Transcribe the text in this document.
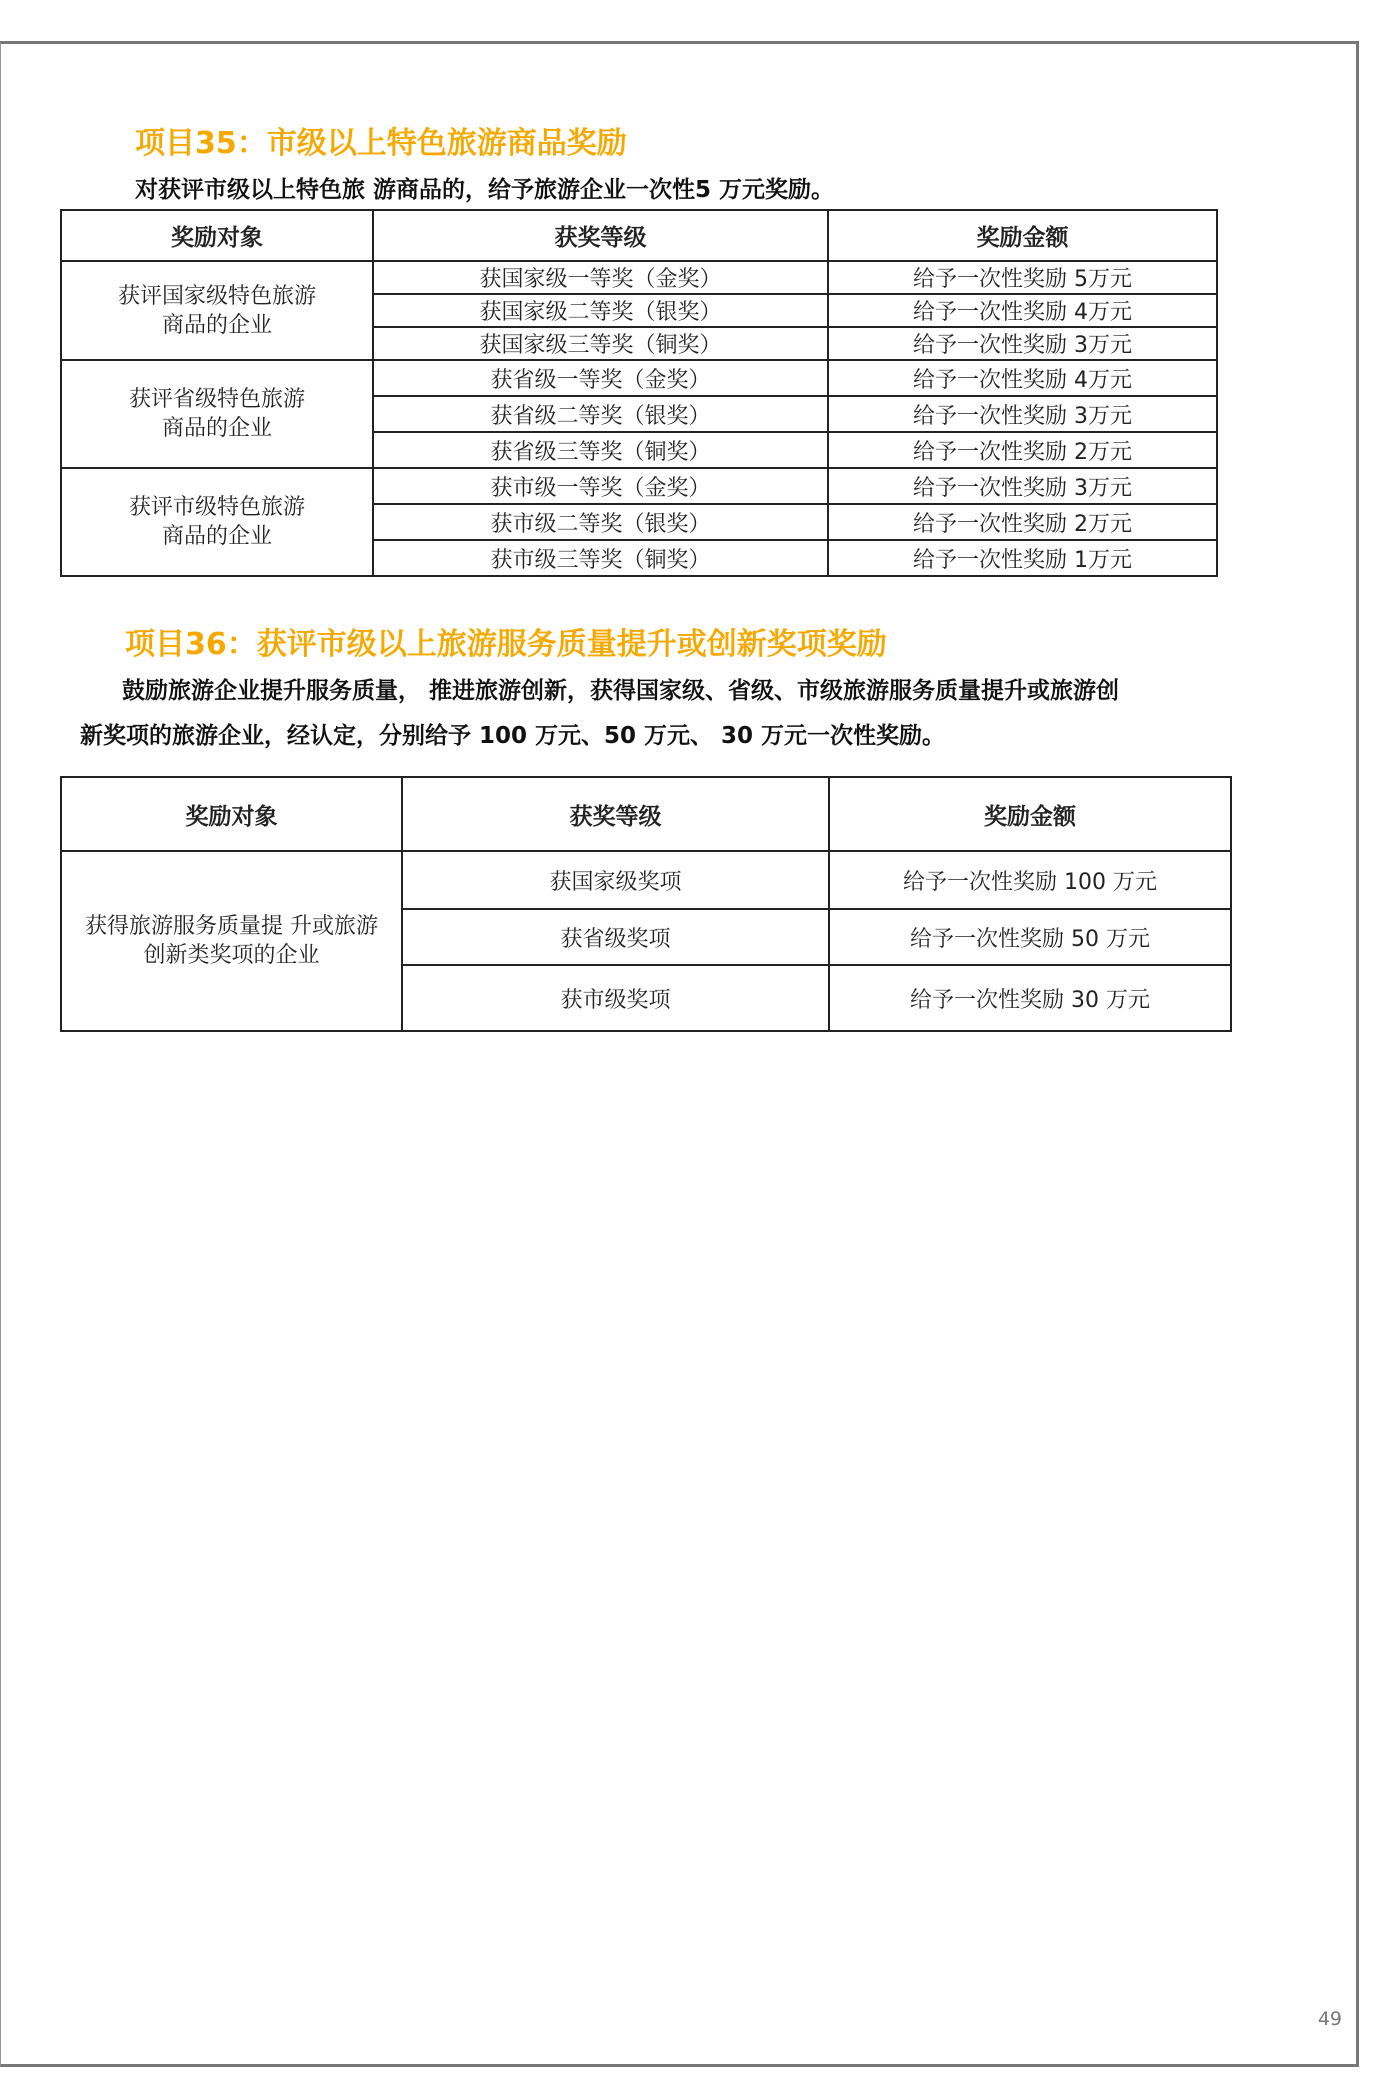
项目35：市级以上特色旅游商品奖励
对获评市级以上特色旅 游商品的，给予旅游企业一次性5 万元奖励。
奖励对象	获奖等级	奖励金额

获评国家级特色旅游
商品的企业	获国家级一等奖（金奖）	给予一次性奖励 5万元
	获国家级二等奖（银奖）	给予一次性奖励 4万元
	获国家级三等奖（铜奖）	给予一次性奖励 3万元

获评省级特色旅游
商品的企业	获省级一等奖（金奖）	给予一次性奖励 4万元
	获省级二等奖（银奖）	给予一次性奖励 3万元
	获省级三等奖（铜奖）	给予一次性奖励 2万元

获评市级特色旅游
商品的企业	获市级一等奖（金奖）	给予一次性奖励 3万元
	获市级二等奖（银奖）	给予一次性奖励 2万元
	获市级三等奖（铜奖）	给予一次性奖励 1万元
项目36：获评市级以上旅游服务质量提升或创新奖项奖励
鼓励旅游企业提升服务质量， 推进旅游创新，获得国家级、省级、市级旅游服务质量提升或旅游创
新奖项的旅游企业，经认定，分别给予 100 万元、50 万元、 30 万元一次性奖励。
奖励对象	获奖等级	奖励金额

获得旅游服务质量提 升或旅游
创新类奖项的企业	获国家级奖项	给予一次性奖励 100 万元
	获省级奖项	给予一次性奖励 50 万元
	获市级奖项	给予一次性奖励 30 万元
49
